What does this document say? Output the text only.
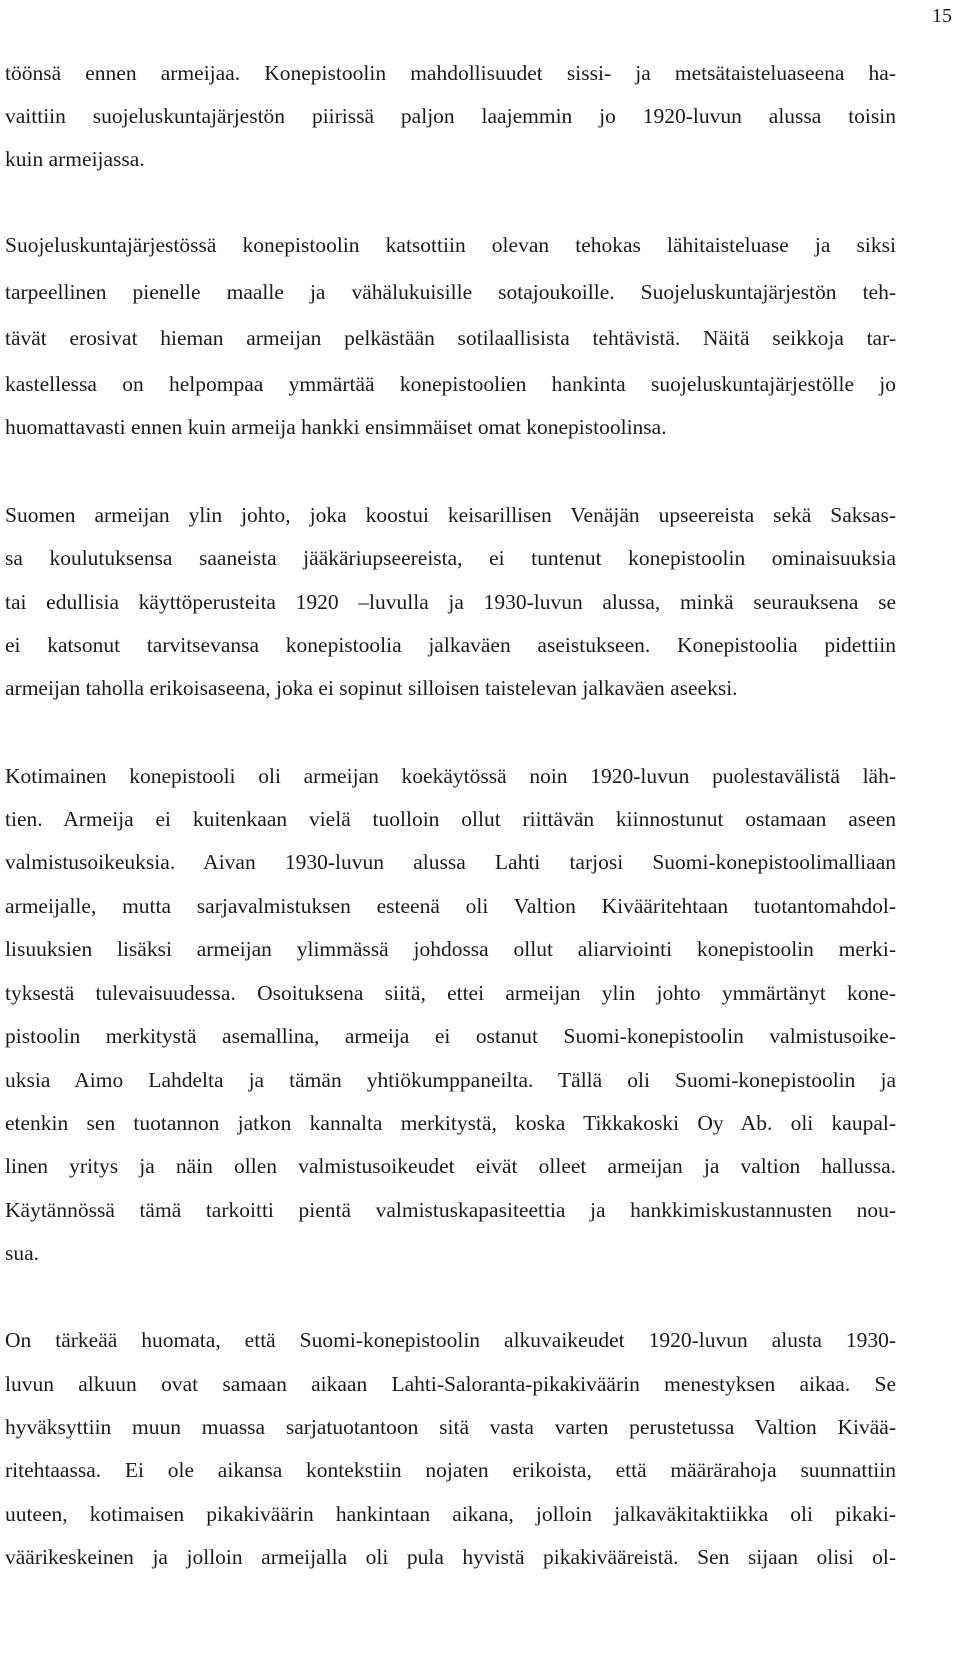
15
töönsä ennen armeijaa. Konepistoolin mahdollisuudet sissi- ja metsätaisteluaseena ha-
vaittiin suojeluskuntajärjestön piirissä paljon laajemmin jo 1920-luvun alussa toisin
kuin armeijassa.
Suojeluskuntajärjestössä konepistoolin katsottiin olevan tehokas lähitaisteluase ja siksi
tarpeellinen pienelle maalle ja vähälukuisille sotajoukoille. Suojeluskuntajärjestön teh-
tävät erosivat hieman armeijan pelkästään sotilaallisista tehtävistä. Näitä seikkoja tar-
kastellessa on helpompaa ymmärtää konepistoolien hankinta suojeluskuntajärjestölle jo
huomattavasti ennen kuin armeija hankki ensimmäiset omat konepistoolinsa.
Suomen armeijan ylin johto, joka koostui keisarillisen Venäjän upseereista sekä Saksas-
sa koulutuksensa saaneista jääkäriupseereista, ei tuntenut konepistoolin ominaisuuksia
tai edullisia käyttöperusteita 1920 –luvulla ja 1930-luvun alussa, minkä seurauksena se
ei katsonut tarvitsevansa konepistoolia jalkaväen aseistukseen. Konepistoolia pidettiin
armeijan taholla erikoisaseena, joka ei sopinut silloisen taistelevan jalkaväen aseeksi.
Kotimainen konepistooli oli armeijan koekäytössä noin 1920-luvun puolestavälistä läh-
tien. Armeija ei kuitenkaan vielä tuolloin ollut riittävän kiinnostunut ostamaan aseen
valmistusoikeuksia. Aivan 1930-luvun alussa Lahti tarjosi Suomi-konepistoolimalliaan
armeijalle, mutta sarjavalmistuksen esteenä oli Valtion Kivääritehtaan tuotantomahdol-
lisuuksien lisäksi armeijan ylimmässä johdossa ollut aliarviointi konepistoolin merki-
tyksestä tulevaisuudessa. Osoituksena siitä, ettei armeijan ylin johto ymmärtänyt kone-
pistoolin merkitystä asemallina, armeija ei ostanut Suomi-konepistoolin valmistusoike-
uksia Aimo Lahdelta ja tämän yhtiökumppaneilta. Tällä oli Suomi-konepistoolin ja
etenkin sen tuotannon jatkon kannalta merkitystä, koska Tikkakoski Oy Ab. oli kaupal-
linen yritys ja näin ollen valmistusoikeudet eivät olleet armeijan ja valtion hallussa.
Käytännössä tämä tarkoitti pientä valmistuskapasiteettia ja hankkimiskustannusten nou-
sua.
On tärkeää huomata, että Suomi-konepistoolin alkuvaikeudet 1920-luvun alusta 1930-
luvun alkuun ovat samaan aikaan Lahti-Saloranta-pikakiväärin menestyksen aikaa. Se
hyväksyttiin muun muassa sarjatuotantoon sitä vasta varten perustetussa Valtion Kivää-
ritehtaassa. Ei ole aikansa kontekstiin nojaten erikoista, että määrärahoja suunnattiin
uuteen, kotimaisen pikakiväärin hankintaan aikana, jolloin jalkaväkitaktiikka oli pikaki-
väärikeskeinen ja jolloin armeijalla oli pula hyvistä pikakivääreistä. Sen sijaan olisi ol-
